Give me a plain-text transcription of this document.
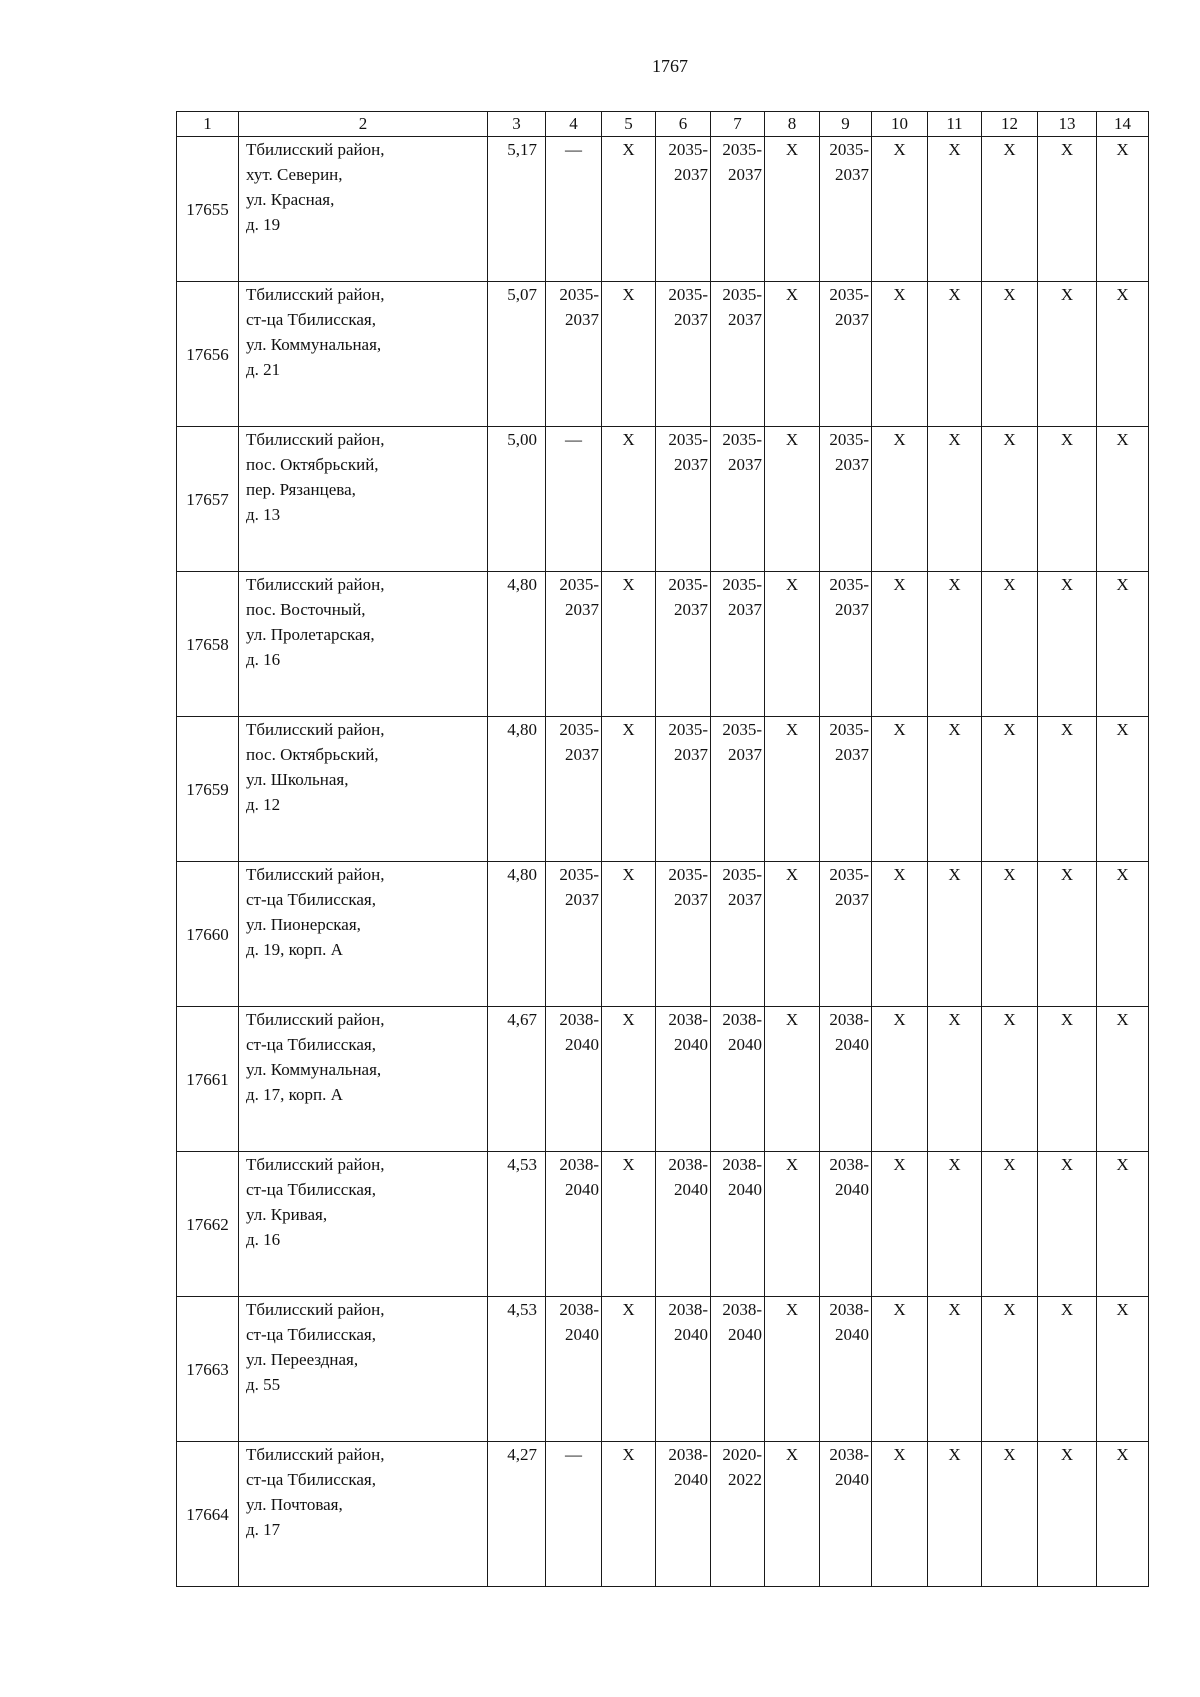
1767
1	2	3	4	5	6	7	8	9	10	11	12	13	14
17655	Тбилисский район,
хут. Северин,
ул. Красная,
д. 19	5,17	—	X	2035-
2037	2035-
2037	X	2035-
2037	X	X	X	X	X
17656	Тбилисский район,
ст-ца Тбилисская,
ул. Коммунальная,
д. 21	5,07	2035-
2037	X	2035-
2037	2035-
2037	X	2035-
2037	X	X	X	X	X
17657	Тбилисский район,
пос. Октябрьский,
пер. Рязанцева,
д. 13	5,00	—	X	2035-
2037	2035-
2037	X	2035-
2037	X	X	X	X	X
17658	Тбилисский район,
пос. Восточный,
ул. Пролетарская,
д. 16	4,80	2035-
2037	X	2035-
2037	2035-
2037	X	2035-
2037	X	X	X	X	X
17659	Тбилисский район,
пос. Октябрьский,
ул. Школьная,
д. 12	4,80	2035-
2037	X	2035-
2037	2035-
2037	X	2035-
2037	X	X	X	X	X
17660	Тбилисский район,
ст-ца Тбилисская,
ул. Пионерская,
д. 19, корп. А	4,80	2035-
2037	X	2035-
2037	2035-
2037	X	2035-
2037	X	X	X	X	X
17661	Тбилисский район,
ст-ца Тбилисская,
ул. Коммунальная,
д. 17, корп. А	4,67	2038-
2040	X	2038-
2040	2038-
2040	X	2038-
2040	X	X	X	X	X
17662	Тбилисский район,
ст-ца Тбилисская,
ул. Кривая,
д. 16	4,53	2038-
2040	X	2038-
2040	2038-
2040	X	2038-
2040	X	X	X	X	X
17663	Тбилисский район,
ст-ца Тбилисская,
ул. Переездная,
д. 55	4,53	2038-
2040	X	2038-
2040	2038-
2040	X	2038-
2040	X	X	X	X	X
17664	Тбилисский район,
ст-ца Тбилисская,
ул. Почтовая,
д. 17	4,27	—	X	2038-
2040	2020-
2022	X	2038-
2040	X	X	X	X	X
